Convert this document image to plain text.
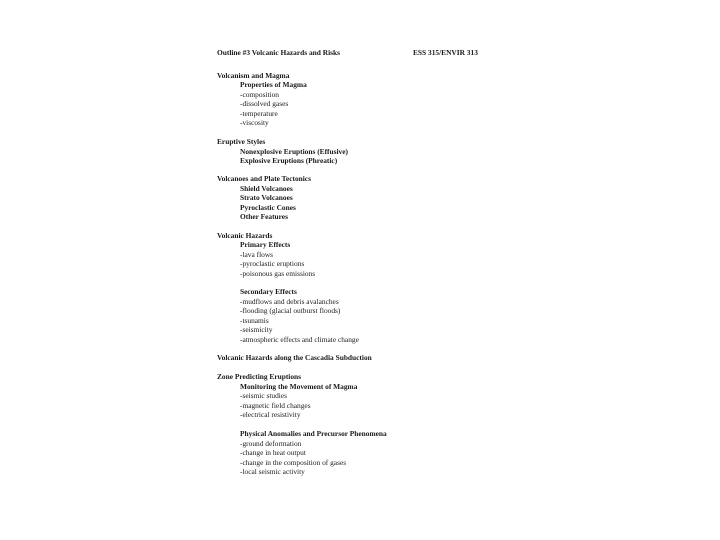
Outline #3 Volcanic Hazards and Risks	ESS 315/ENVIR 313
Volcanism and Magma
Properties of Magma
-composition
-dissolved gases
-temperature
-viscosity
Eruptive Styles
Nonexplosive Eruptions (Effusive)
Explosive Eruptions (Phreatic)
Volcanoes and Plate Tectonics
Shield Volcanoes
Strato Volcanoes
Pyroclastic Cones
Other Features
Volcanic Hazards
Primary Effects
-lava flows
-pyroclastic eruptions
-poisonous gas emissions
Secondary Effects
-mudflows and debris avalanches
-flooding (glacial outburst floods)
-tsunamis
-seismicity
-atmospheric effects and climate change
Volcanic Hazards along the Cascadia Subduction
Zone Predicting Eruptions
Monitoring the Movement of Magma
-seismic studies
-magnetic field changes
-electrical resistivity
Physical Anomalies and Precursor Phenomena
-ground deformation
-change in heat output
-change in the composition of gases
-local seismic activity
